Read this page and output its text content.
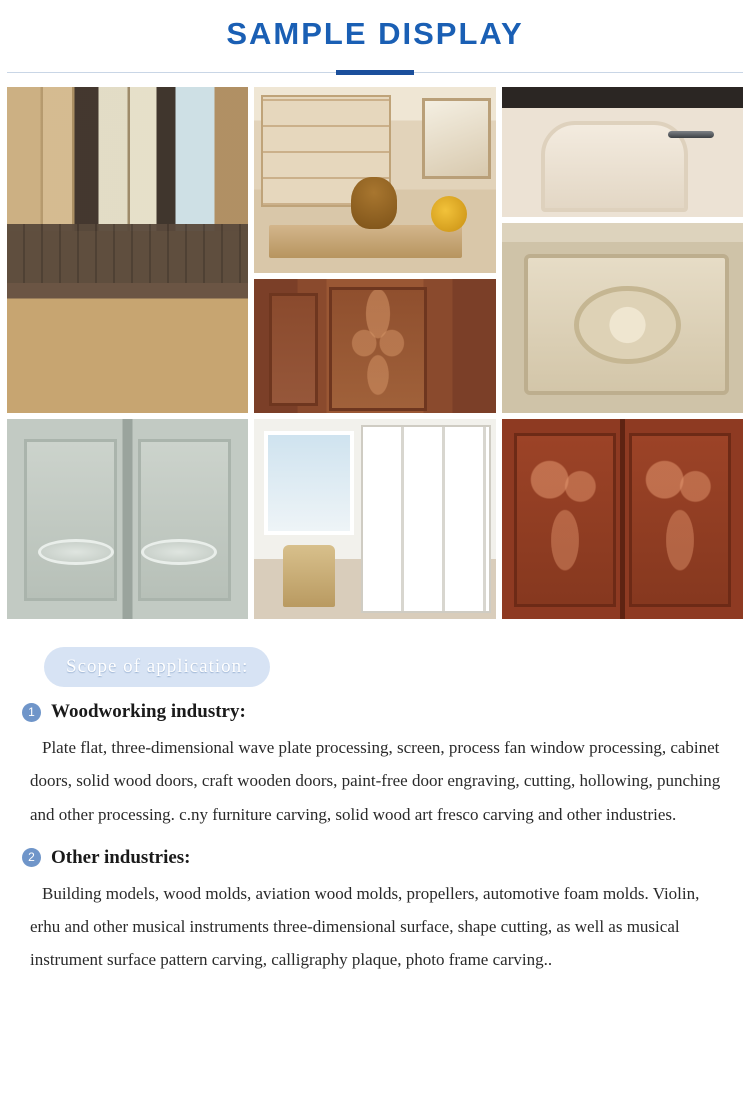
SAMPLE DISPLAY
Scope of application:
1 Woodworking industry:
Plate flat, three-dimensional wave plate processing, screen, process fan window processing, cabinet doors, solid wood doors, craft wooden doors, paint-free door engraving, cutting, hollowing, punching and other processing. c.ny furniture carving, solid wood art fresco carving and other industries.
2 Other industries:
Building models, wood molds, aviation wood molds, propellers, automotive foam molds. Violin, erhu and other musical instruments three-dimensional surface, shape cutting, as well as musical instrument surface pattern carving, calligraphy plaque, photo frame carving..
